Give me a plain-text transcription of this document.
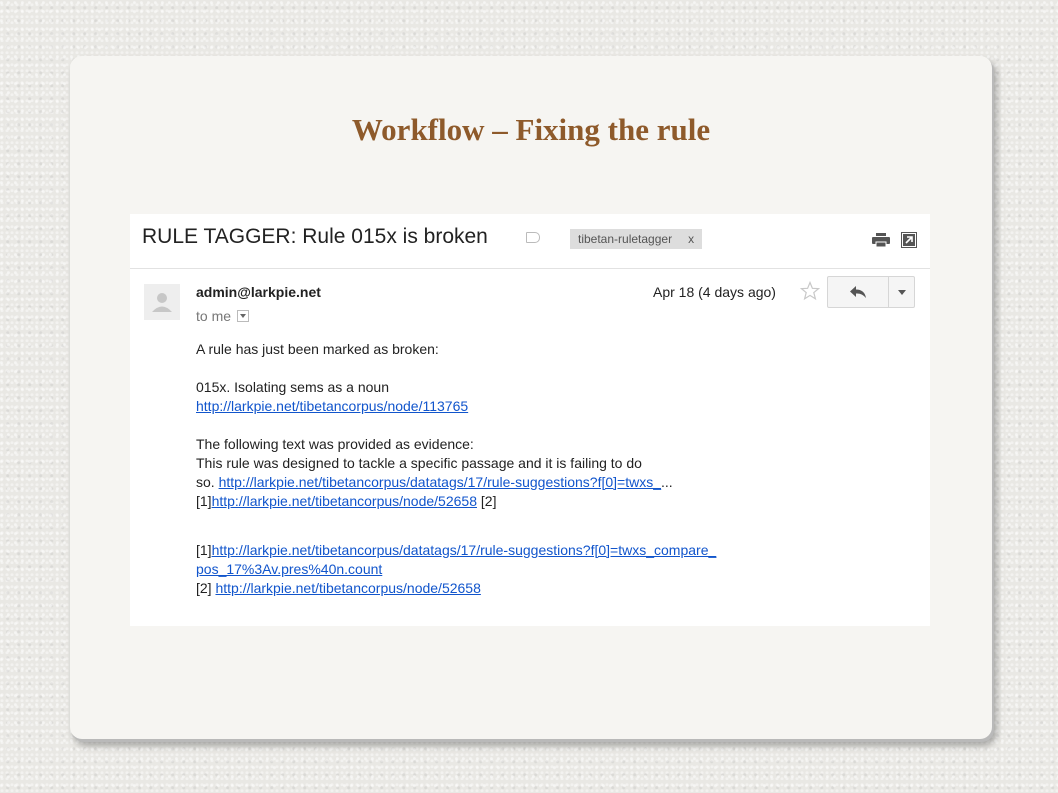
Workflow – Fixing the rule
RULE TAGGER: Rule 015x is broken	tibetan-ruletagger x
admin@larkpie.net
to me
Apr 18 (4 days ago)

A rule has just been marked as broken:

015x. Isolating sems as a noun

http://larkpie.net/tibetancorpus/node/113765

The following text was provided as evidence:

This rule was designed to tackle a specific passage and it is failing to do

so. http://larkpie.net/tibetancorpus/datatags/17/rule-suggestions?f[0]=twxs_...

[1]http://larkpie.net/tibetancorpus/node/52658 [2]

[1]http://larkpie.net/tibetancorpus/datatags/17/rule-suggestions?f[0]=twxs_compare_

pos_17%3Av.pres%40n.count

[2] http://larkpie.net/tibetancorpus/node/52658
